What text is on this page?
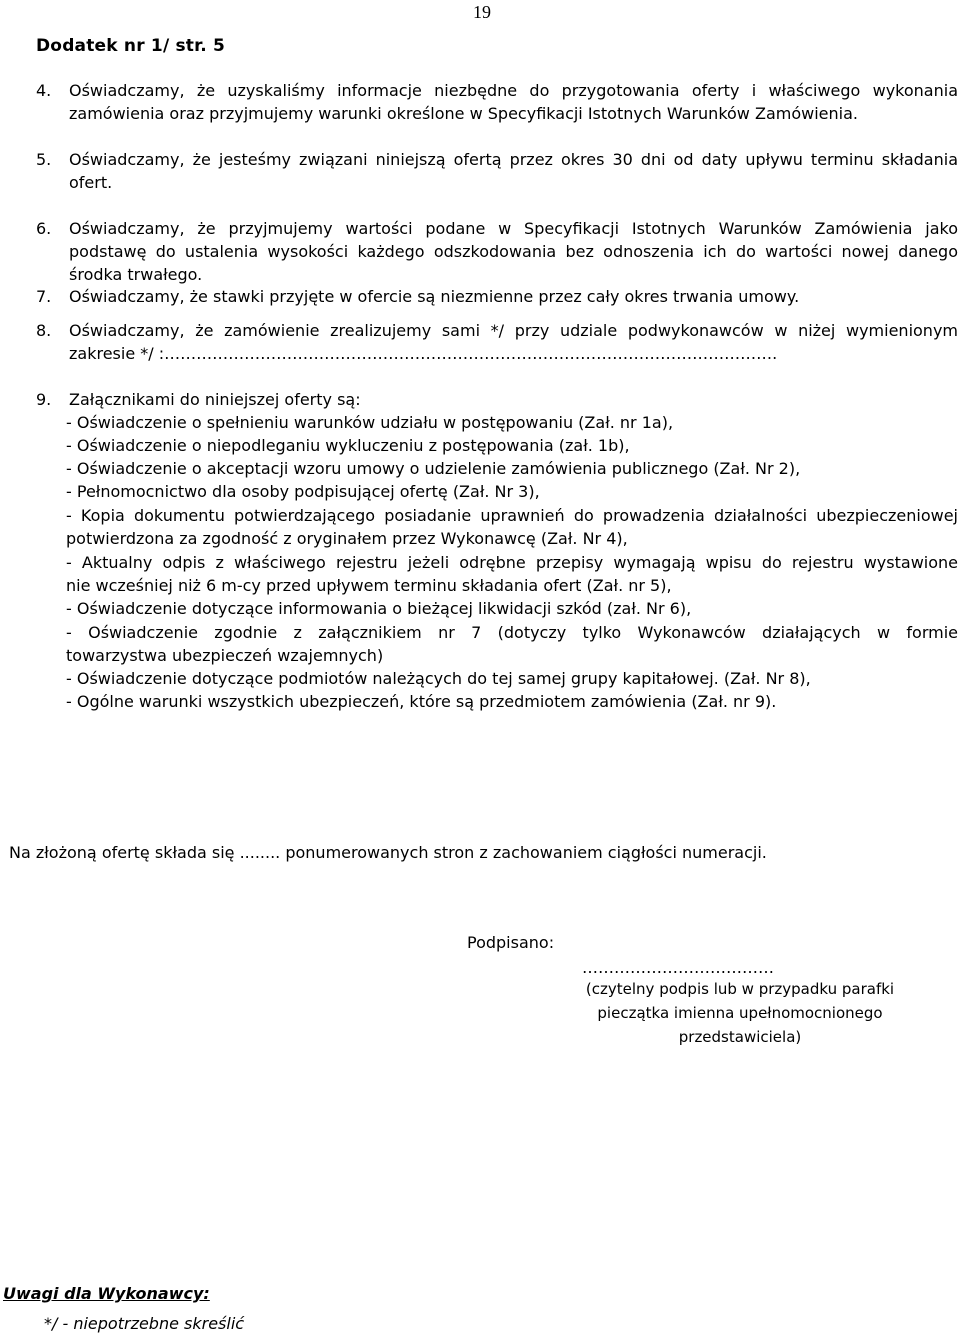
19
Dodatek nr 1/ str. 5
4. Oświadczamy, że uzyskaliśmy informacje niezbędne do przygotowania oferty i właściwego wykonania
zamówienia oraz przyjmujemy warunki określone w Specyfikacji Istotnych Warunków Zamówienia.
5. Oświadczamy, że jesteśmy związani niniejszą ofertą przez okres 30 dni od daty upływu terminu składania
ofert.
6. Oświadczamy, że przyjmujemy wartości podane w Specyfikacji Istotnych Warunków Zamówienia jako
podstawę do ustalenia wysokości każdego odszkodowania bez odnoszenia ich do wartości nowej danego
środka trwałego.
7. Oświadczamy, że stawki przyjęte w ofercie są niezmienne przez cały okres trwania umowy.
8. Oświadczamy, że zamówienie zrealizujemy sami */ przy udziale podwykonawców w niżej wymienionym
zakresie */ :…………………………………………………………………………………………………….
9. Załącznikami do niniejszej oferty są:
- Oświadczenie o spełnieniu warunków udziału w postępowaniu (Zał. nr 1a),
- Oświadczenie o niepodleganiu wykluczeniu z postępowania (zał. 1b),
- Oświadczenie o akceptacji wzoru umowy o udzielenie zamówienia publicznego (Zał. Nr 2),
- Pełnomocnictwo dla osoby podpisującej ofertę (Zał. Nr 3),
- Kopia dokumentu potwierdzającego posiadanie uprawnień do prowadzenia działalności ubezpieczeniowej
potwierdzona za zgodność z oryginałem przez Wykonawcę (Zał. Nr 4),
- Aktualny odpis z właściwego rejestru jeżeli odrębne przepisy wymagają wpisu do rejestru wystawione
nie wcześniej niż 6 m-cy przed upływem terminu składania ofert (Zał. nr 5),
- Oświadczenie dotyczące informowania o bieżącej likwidacji szkód (zał. Nr 6),
- Oświadczenie zgodnie z załącznikiem nr 7 (dotyczy tylko Wykonawców działających w formie
towarzystwa ubezpieczeń wzajemnych)
- Oświadczenie dotyczące podmiotów należących do tej samej grupy kapitałowej. (Zał. Nr 8),
- Ogólne warunki wszystkich ubezpieczeń, które są przedmiotem zamówienia (Zał. nr 9).
Na złożoną ofertę składa się ........ ponumerowanych stron z zachowaniem ciągłości numeracji.
Podpisano:
………………………………
(czytelny podpis lub w przypadku parafki
pieczątka imienna upełnomocnionego
przedstawiciela)
Uwagi dla Wykonawcy:
*/ - niepotrzebne skreślić
